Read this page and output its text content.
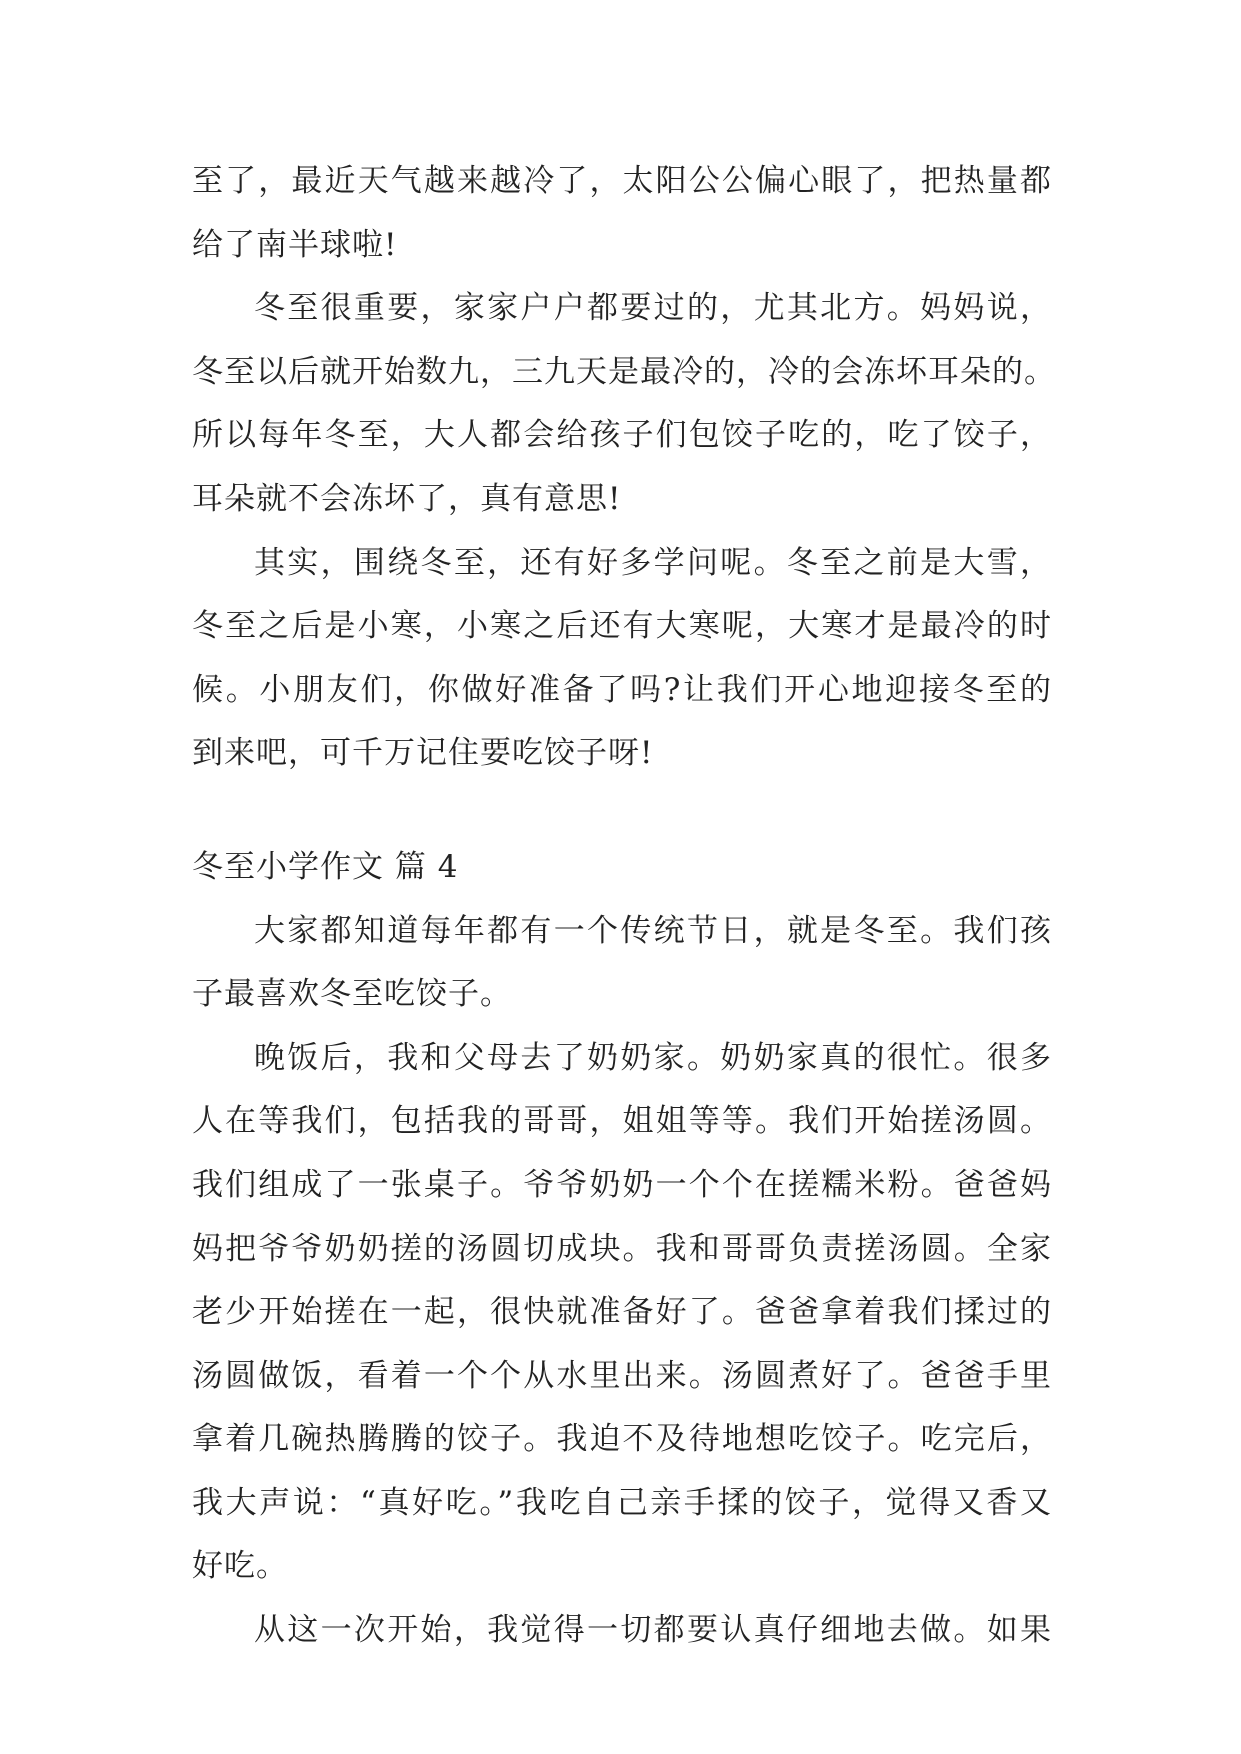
至了，最近天气越来越冷了，太阳公公偏心眼了，把热量都
给了南半球啦!
冬至很重要，家家户户都要过的，尤其北方。妈妈说，
冬至以后就开始数九，三九天是最冷的，冷的会冻坏耳朵的。
所以每年冬至，大人都会给孩子们包饺子吃的，吃了饺子，
耳朵就不会冻坏了，真有意思!
其实，围绕冬至，还有好多学问呢。冬至之前是大雪，
冬至之后是小寒，小寒之后还有大寒呢，大寒才是最冷的时
候。小朋友们，你做好准备了吗?让我们开心地迎接冬至的
到来吧，可千万记住要吃饺子呀!
冬至小学作文 篇 4
大家都知道每年都有一个传统节日，就是冬至。我们孩
子最喜欢冬至吃饺子。
晚饭后，我和父母去了奶奶家。奶奶家真的很忙。很多
人在等我们，包括我的哥哥，姐姐等等。我们开始搓汤圆。
我们组成了一张桌子。爷爷奶奶一个个在搓糯米粉。爸爸妈
妈把爷爷奶奶搓的汤圆切成块。我和哥哥负责搓汤圆。全家
老少开始搓在一起，很快就准备好了。爸爸拿着我们揉过的
汤圆做饭，看着一个个从水里出来。汤圆煮好了。爸爸手里
拿着几碗热腾腾的饺子。我迫不及待地想吃饺子。吃完后，
我大声说：“真好吃。”我吃自己亲手揉的饺子，觉得又香又
好吃。
从这一次开始，我觉得一切都要认真仔细地去做。如果
